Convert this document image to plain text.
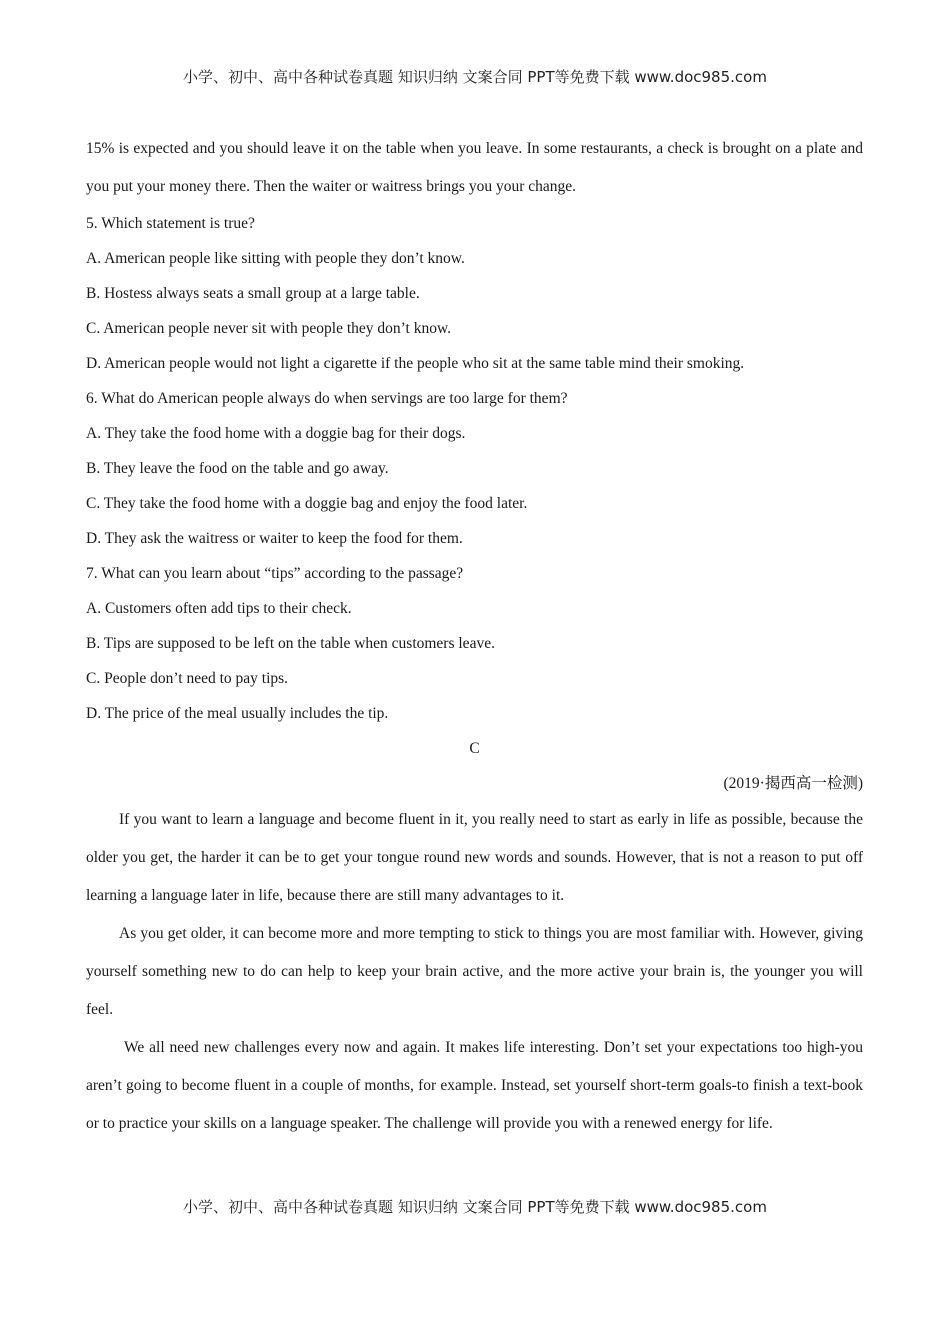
小学、初中、高中各种试卷真题 知识归纳 文案合同 PPT等免费下载 www.doc985.com

15% is expected and you should leave it on the table when you leave. In some restaurants, a check is brought on a plate and you put your money there. Then the waiter or waitress brings you your change.

5. Which statement is true?

A. American people like sitting with people they don’t know.

B. Hostess always seats a small group at a large table.

C. American people never sit with people they don’t know.

D. American people would not light a cigarette if the people who sit at the same table mind their smoking.

6. What do American people always do when servings are too large for them?

A. They take the food home with a doggie bag for their dogs.

B. They leave the food on the table and go away.

C. They take the food home with a doggie bag and enjoy the food later.

D. They ask the waitress or waiter to keep the food for them.

7. What can you learn about “tips” according to the passage?

A. Customers often add tips to their check.

B. Tips are supposed to be left on the table when customers leave.

C. People don’t need to pay tips.

D. The price of the meal usually includes the tip.

C

(2019·揭西高一检测)

If you want to learn a language and become fluent in it, you really need to start as early in life as possible, because the older you get, the harder it can be to get your tongue round new words and sounds. However, that is not a reason to put off learning a language later in life, because there are still many advantages to it.

As you get older, it can become more and more tempting to stick to things you are most familiar with. However, giving yourself something new to do can help to keep your brain active, and the more active your brain is, the younger you will feel.

We all need new challenges every now and again. It makes life interesting. Don’t set your expectations too high-you aren’t going to become fluent in a couple of months, for example. Instead, set yourself short-term goals-to finish a text-book or to practice your skills on a language speaker. The challenge will provide you with a renewed energy for life.

小学、初中、高中各种试卷真题 知识归纳 文案合同 PPT等免费下载 www.doc985.com
